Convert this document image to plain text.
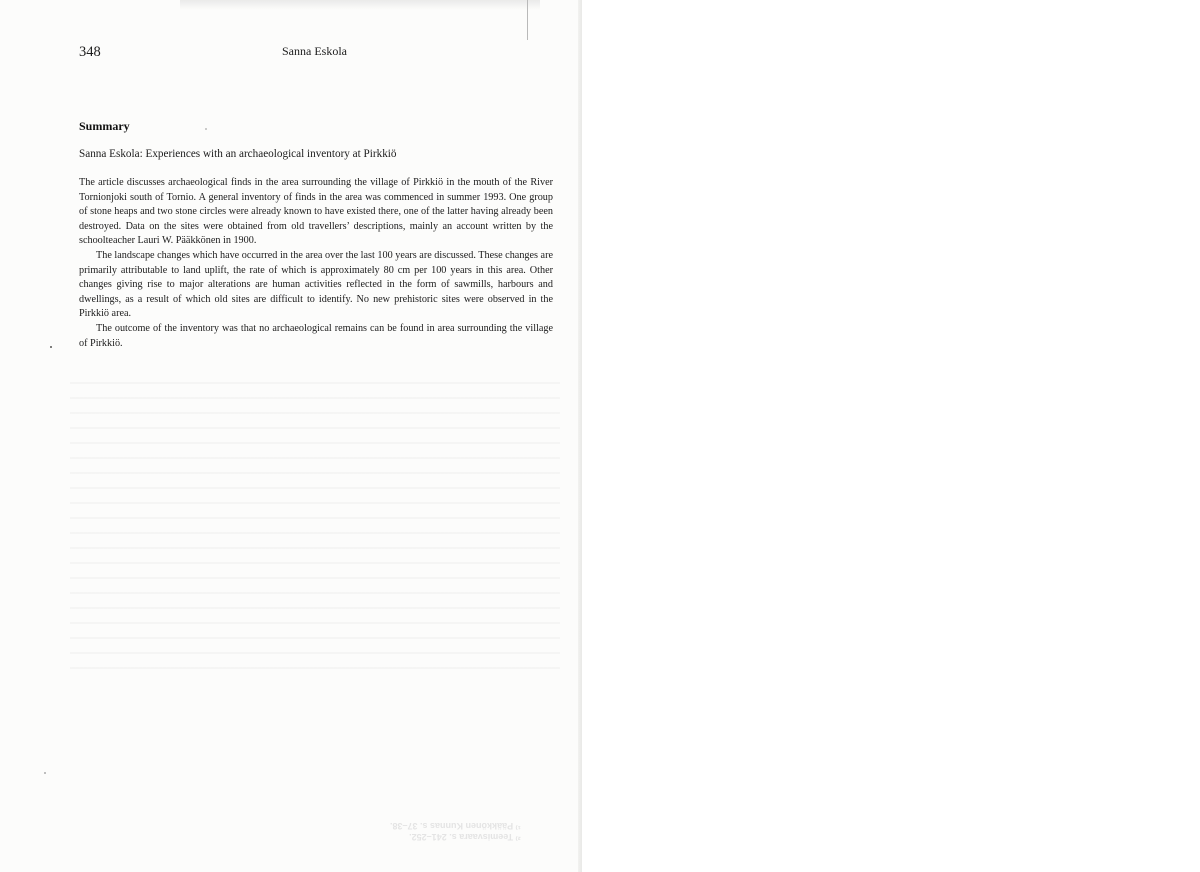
348	Sanna Eskola

Summary

Sanna Eskola: Experiences with an archaeological inventory at Pirkkiö

The article discusses archaeological finds in the area surrounding the village of Pirkkiö in the mouth of the River Tornionjoki south of Tornio. A general inventory of finds in the area was commenced in summer 1993. One group of stone heaps and two stone circles were already known to have existed there, one of the latter having already been destroyed. Data on the sites were obtained from old travellers’ descriptions, mainly an account written by the schoolteacher Lauri W. Pääkkönen in 1900.

The landscape changes which have occurred in the area over the last 100 years are discussed. These changes are primarily attributable to land uplift, the rate of which is approximately 80 cm per 100 years in this area. Other changes giving rise to major alterations are human activities reflected in the form of sawmills, harbours and dwellings, as a result of which old sites are difficult to identify. No new prehistoric sites were observed in the Pirkkiö area.

The outcome of the inventory was that no archaeological remains can be found in area surrounding the village of Pirkkiö.

²⁾ Teemisvaara s. 241–252.
¹⁾ Pääkkönen Kunnas s. 37–38.
